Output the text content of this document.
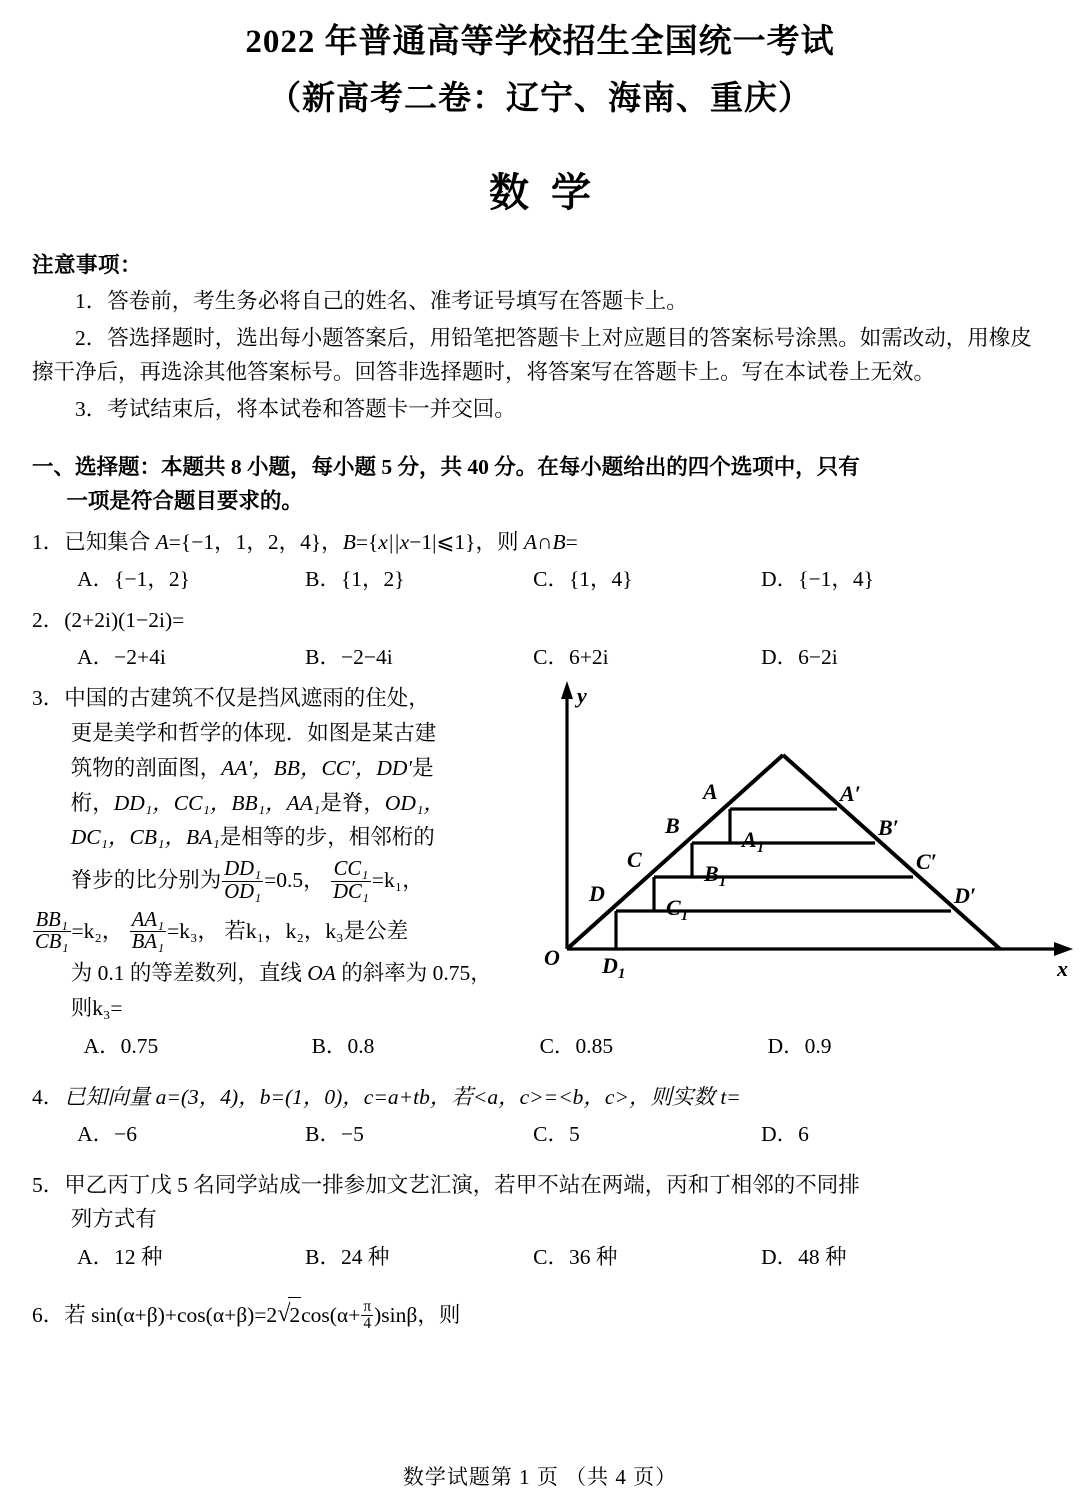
2022 年普通高等学校招生全国统一考试
（新高考二卷：辽宁、海南、重庆）
数学
注意事项：
1．答卷前，考生务必将自己的姓名、准考证号填写在答题卡上。
2．答选择题时，选出每小题答案后，用铅笔把答题卡上对应题目的答案标号涂黑。如需改动，用橡皮擦干净后，再选涂其他答案标号。回答非选择题时，将答案写在答题卡上。写在本试卷上无效。
3．考试结束后，将本试卷和答题卡一并交回。
一、选择题：本题共 8 小题，每小题 5 分，共 40 分。在每小题给出的四个选项中，只有
一项是符合题目要求的。
1．已知集合 A={−1，1，2，4}，B={x||x−1|⩽1}，则 A∩B=
A．{−1，2}	B．{1，2}	C．{1，4}	D．{−1，4}
2．(2+2i)(1−2i)=
A．−2+4i	B．−2−4i	C．6+2i	D．6−2i
3．中国的古建筑不仅是挡风遮雨的住处，
更是美学和哲学的体现．如图是某古建
筑物的剖面图，AA′，BB，CC′，DD′是
桁，DD₁，CC₁，BB₁，AA₁是脊，OD₁，
DC₁，CB₁，BA₁是相等的步，相邻桁的
脊步的比分别为 $\frac{\text{DD₁}}{\text{OD₁}} =0.5$， $\frac{\text{CC₁}}{\text{DC₁}} =k_1$，
$\frac{\text{BB₁}}{\text{CB₁}} =k_2$， $\frac{\text{AA₁}}{\text{BA₁}} =k_3$， 若k₁，k₂，k₃是公差
为 0.1 的等差数列，直线 OA 的斜率为 0.75，
则k₃=
O	x
y
A
B
C
D
A′
B′
C′
D′
$A_1$
$B_1$
$C_1$
$D_1$
A．0.75	B．0.8	C．0.85	D．0.9
4．已知向量 a=(3，4)，b=(1，0)，c=a+tb，若<a，c>=<b，c>，则实数 t=
A．−6	B．−5	C．5	D．6
5．甲乙丙丁戊 5 名同学站成一排参加文艺汇演，若甲不站在两端，丙和丁相邻的不同排
列方式有
A．12 种	B．24 种	C．36 种	D．48 种
6．若 sin(α+β)+cos(α+β)=2 √ $2\cos(\alpha+ \frac{\pi}{4} )\sin\beta$，则
数学试题第 1 页 （共 4 页）
